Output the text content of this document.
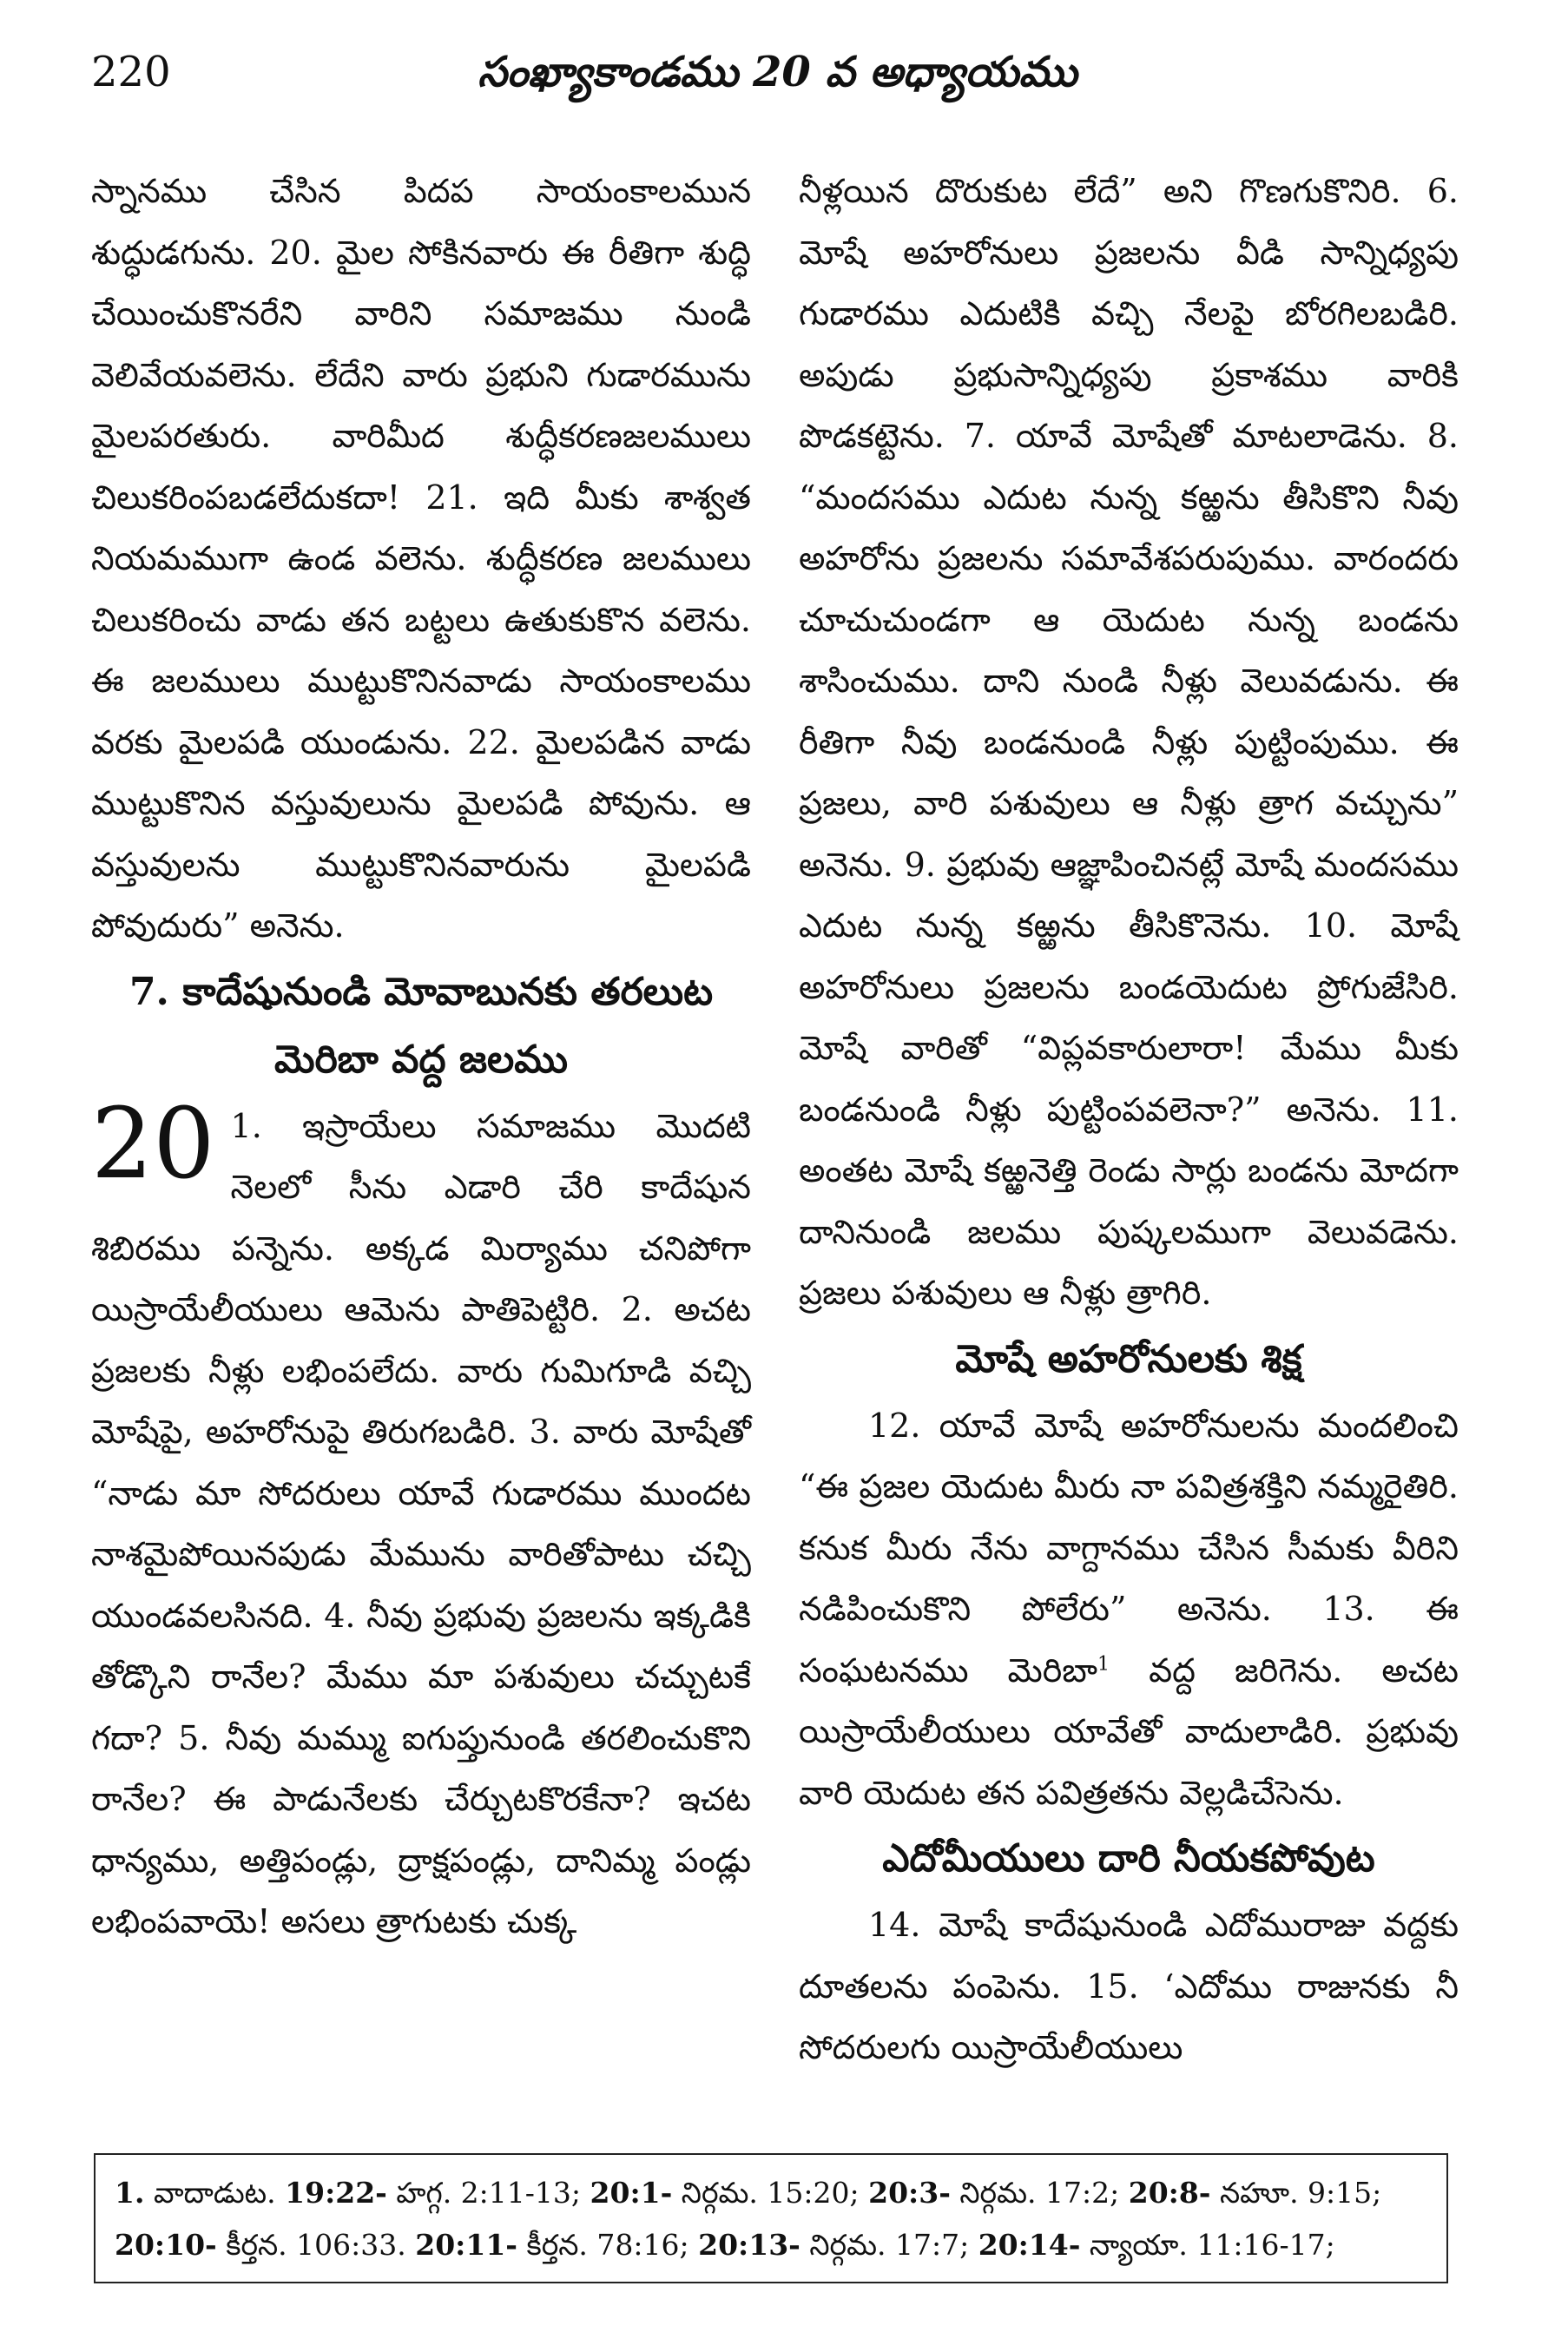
220	సంఖ్యాకాండము 20 వ అధ్యాయము

స్నానము చేసిన పిదప సాయంకాలమున శుద్ధుడగును. 20. మైల సోకినవారు ఈ రీతిగా శుద్ధి చేయించుకొనరేని వారిని సమాజము నుండి వెలివేయవలెను. లేదేని వారు ప్రభుని గుడారమును మైలపరతురు. వారిమీద శుద్ధీకరణజలములు చిలుకరింపబడలేదుకదా! 21. ఇది మీకు శాశ్వత నియమముగా ఉండ వలెను. శుద్ధీకరణ జలములు చిలుకరించు వాడు తన బట్టలు ఉతుకుకొన వలెను. ఈ జలములు ముట్టుకొనినవాడు సాయంకాలము వరకు మైలపడి యుండును. 22. మైలపడిన వాడు ముట్టుకొనిన వస్తువులును మైలపడి పోవును. ఆ వస్తువులను ముట్టుకొనినవారును మైలపడి పోవుదురు” అనెను.

7. కాదేషునుండి మోవాబునకు తరలుట
మెరిబా వద్ద జలము

20 1. ఇస్రాయేలు సమాజము మొదటి నెలలో సీను ఎడారి చేరి కాదేషున శిబిరము పన్నెను. అక్కడ మిర్యాము చనిపోగా యిస్రాయేలీయులు ఆమెను పాతిపెట్టిరి. 2. అచట ప్రజలకు నీళ్లు లభింపలేదు. వారు గుమిగూడి వచ్చి మోషేపై, అహరోనుపై తిరుగబడిరి. 3. వారు మోషేతో “నాడు మా సోదరులు యావే గుడారము ముందట నాశమైపోయినపుడు మేమును వారితోపాటు చచ్చి యుండవలసినది. 4. నీవు ప్రభువు ప్రజలను ఇక్కడికి తోడ్కొని రానేల? మేము మా పశువులు చచ్చుటకే గదా? 5. నీవు మమ్ము ఐగుప్తునుండి తరలించుకొని రానేల? ఈ పాడునేలకు చేర్చుటకొరకేనా? ఇచట ధాన్యము, అత్తిపండ్లు, ద్రాక్షపండ్లు, దానిమ్మ పండ్లు లభింపవాయె! అసలు త్రాగుటకు చుక్క

నీళ్లయిన దొరుకుట లేదే” అని గొణగుకొనిరి. 6. మోషే అహరోనులు ప్రజలను వీడి సాన్నిధ్యపు గుడారము ఎదుటికి వచ్చి నేలపై బోరగిలబడిరి. అపుడు ప్రభుసాన్నిధ్యపు ప్రకాశము వారికి పొడకట్టెను. 7. యావే మోషేతో మాటలాడెను. 8. “మందసము ఎదుట నున్న కఱ్ఱను తీసికొని నీవు అహరోను ప్రజలను సమావేశపరుపుము. వారందరు చూచుచుండగా ఆ యెదుట నున్న బండను శాసించుము. దాని నుండి నీళ్లు వెలువడును. ఈ రీతిగా నీవు బండనుండి నీళ్లు పుట్టింపుము. ఈ ప్రజలు, వారి పశువులు ఆ నీళ్లు త్రాగ వచ్చును” అనెను. 9. ప్రభువు ఆజ్ఞాపించినట్లే మోషే మందసము ఎదుట నున్న కఱ్ఱను తీసికొనెను. 10. మోషే అహరోనులు ప్రజలను బండయెదుట ప్రోగుజేసిరి. మోషే వారితో “విప్లవకారులారా! మేము మీకు బండనుండి నీళ్లు పుట్టింపవలెనా?” అనెను. 11. అంతట మోషే కఱ్ఱనెత్తి రెండు సార్లు బండను మోదగా దానినుండి జలము పుష్కలముగా వెలువడెను. ప్రజలు పశువులు ఆ నీళ్లు త్రాగిరి.

మోషే అహరోనులకు శిక్ష

12. యావే మోషే అహరోనులను మందలించి “ఈ ప్రజల యెదుట మీరు నా పవిత్రశక్తిని నమ్మరైతిరి. కనుక మీరు నేను వాగ్దానము చేసిన సీమకు వీరిని నడిపించుకొని పోలేరు” అనెను. 13. ఈ సంఘటనము మెరిబా$^1$ వద్ద జరిగెను. అచట యిస్రాయేలీయులు యావేతో వాదులాడిరి. ప్రభువు వారి యెదుట తన పవిత్రతను వెల్లడిచేసెను.

ఎదోమీయులు దారి నీయకపోవుట

14. మోషే కాదేషునుండి ఎదోమురాజు వద్దకు దూతలను పంపెను. 15. ‘ఎదోము రాజునకు నీ సోదరులగు యిస్రాయేలీయులు

1. వాదాడుట. 19:22- హగ్గ. 2:11-13; 20:1- నిర్గమ. 15:20; 20:3- నిర్గమ. 17:2; 20:8- నహూ. 9:15;
20:10- కీర్తన. 106:33. 20:11- కీర్తన. 78:16; 20:13- నిర్గమ. 17:7; 20:14- న్యాయా. 11:16-17;
